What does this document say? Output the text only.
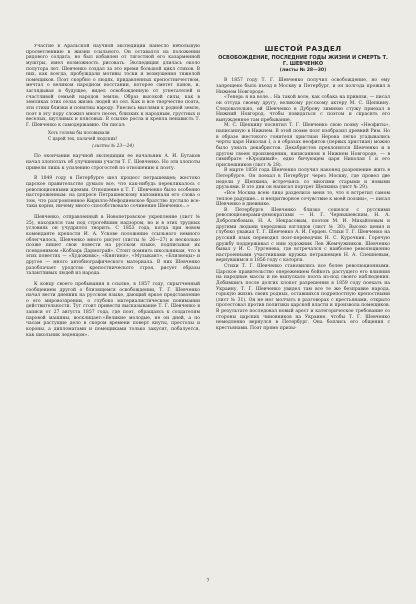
Участие в Аральской научной экспедиции нанесло небольшую просветлениию в жизни ссыльного. Он оставался на положении рядового солдата, но был избавлен от тягостной его казарменной муштры, имел возможность рисовать. Экспедиция длилась около полутора лет. Шевченко создал за это время большой цикл стихов. В них, как всегда, пробуждали мотивы тоски и возмущения тяжелой помещиков. Поэт скорбно о людях, придавленных крепостничеством, мечтал о великом народном восстании, которое сметет панов, и, заглядывая в будущее, видел освобожденную от угнетателей и счастливой семьей народов землю. Образ высокой силы, как в земляках этих селах жизнь людей из сел. Как и все творчество поэта, эти стихи близки и понятны народу. Унесись мыслями к родной земле, поэт в эту пору сложил много песен, близких к народным, грустных и веселых, шутливых и плясовых. В ссылке росла и крепла ненависть Т. Г. Шевченко к самодержавию. Он писал:

Хоть головы бы посовывали
С царей тех, палачей людских!
(листы № 23—24)

По окончании научной экспедиции ее начальник А. И. Бутаков начал хлопотать об улучшении участи Т. Г. Шевченко. Но эти хлопоты привели лишь к усилению строгостей по отношению к поэту.

В 1849 году в Петербурге шел процесс петрашевцев; жестоко царское правительство думало все, что как-нибудь перекликалось с революционными идеями. Отношение к Т. Г. Шевченко было особенно настороженным: на допросе Петрашевскому напоминали его слова о том, что разгромленное Кирилло-Мефодиевское братство пустило все-таки корни, ничему много способствовало сочинения Шевченко...»

Шевченко, отправленный в Новопетровское укрепление (лист № 25), находился там под строгейшим надзором, но и в этих трудных условиях он учудрялся творить. С 1853 года, когда при новом коменданте крепости И. А. Ускове положение ссыльного немного облегчилось, Шевченко много рисует (листы № 26—27) и несколько позже пишет свои повести на русском языке, подписывая их псевдонимом «Кобзарь Дармограй». Стоит помнить школьникам, что в этих повестях — «Художник», «Княгиня», «Музыкант», «Близнецы» и другое — много автобиографического материала. В них Шевченко разоблачает уродство крепостнического строя, рисует образы талантливых людей из народа.

К концу своего пребывания в ссылке, в 1857 году, скрытченный сообщением другой о близящемся освобождении, Т. Г. Шевченко начал вести дневник на русском языке, дающий яркое представление о его мировоззрении, о глубоко материалистическом понимании действительности. Тут стоит привести высказывание Т. Г. Шевченко в записи от 27 августа 1857 года, где поэт, обращаясь к создателям паровой машины, восклицает:«Великие молодые, не он дней, а по часам растущие дело в скором времени поверт кнуты, престолы и короны, а дипломатами и помещиками только закусит, побалуется, как школьник леденцом».

ШЕСТОЙ РАЗДЕЛ
ОСВОБОЖДЕНИЕ, ПОСЛЕДНИЕ ГОДЫ ЖИЗНИ И СМЕРТЬ Т. Г. ШЕВЧЕНКО
(листы № 28—30)

В 1857 году Т. Г. Шевченко получил освобождение, но ему запрещено было въезд в Москву и Петербург, и он полгода прожил в Нижнем Новгороде.

«Теперь я на воле... На такой воле, как собака на привязи, — писал он оттуда своему другу, великому русскому актеру М. С. Щепкину. Следовательно, ей Шевченко в Дуброву зимнюю стужу приехал в Нижний Новгород, чтобы повидаться с поэтом и скрасить его вынужденное там пребывание.

М. С. Щепкину посвятил Т. Г. Шевченко свою поэму «Неофиты», написанную в Нижнем. В этой поэме поэт изобразил древний Рим. Но в образе жестокого гонителя христиан Нерона легко угадывались черты царя Николая I, а в образах неофитов (первых христиан) можно было узнать декабристов. Декабристов преклонялся Шевченко и в другом своем произведении, написанном в Нижнем Новгороде, — в гимнбрате «Юродивый», едко бичующем царя Николая I и его приспешников (лист № 28).

В марте 1858 года Шевченко получил наконец разрешение жить в Петербурге. Он поехал в Петербург через Москву, где провел две недели у Щепкина, встречаясь со многими старыми и новыми друзьями. В это дни он написал портрет Щепкина (лист № 29).

«Все Москва всею лицо разделило меня то, что я встретил самом теплое радушие... и непритворное сочувствие к моей поэзии», — писал Шевченко в дневнике.

В Петербурге Шевченко близко сошелся с русскими революционерами-демократами — Н. Г. Чернышевским, Н. А. Добролюбовым, Н. А. Некрасовым, поэтом М. И. Михайловым и другими людьми передовых взглядов (лист № 30). Высоко ценил и глубоко уважал Т. Г. Шевченко А. И. Герцен. Стихи Т. Г. Шевченко на русский язык переводил поэт-переводчик Н. С. Курочкин. Горячую дружбу поддерживал с ним художник Лев Жемчужников. Шевченко бывал у И. С. Тургенева, где встречался с наиболее революционно настроенными участниками кружка петрашевцев Н. А. Спешневым, вернувшимся в 1856 году с каторги.

Стихи Т. Г. Шевченко становились все более революционными. Царское правительство опережением бойкоть растущего его влияния на народные массы и не выпускало поэта из-под своего наблюдения. Добившись после долгих хлопот разрешения в 1859 году поехать на Украину, Т. Г. Шевченко увидел там все те же безправие народа, горькую жизнь своих родных, оставшихся подрепостную крепостными (лист № 31). Он не мог молчать в разговорах с крестьянами, открыто протестовал против политики царской власти и произвола помещиков. В результате последовал новый арест и категорическое требование со стороны царских чиновников на Украине, чтобы Т. Г. Шевченко немедленно вернулся в Петербург. Она боялись его общения с крестьянами. Поэт прямо призы-

7
